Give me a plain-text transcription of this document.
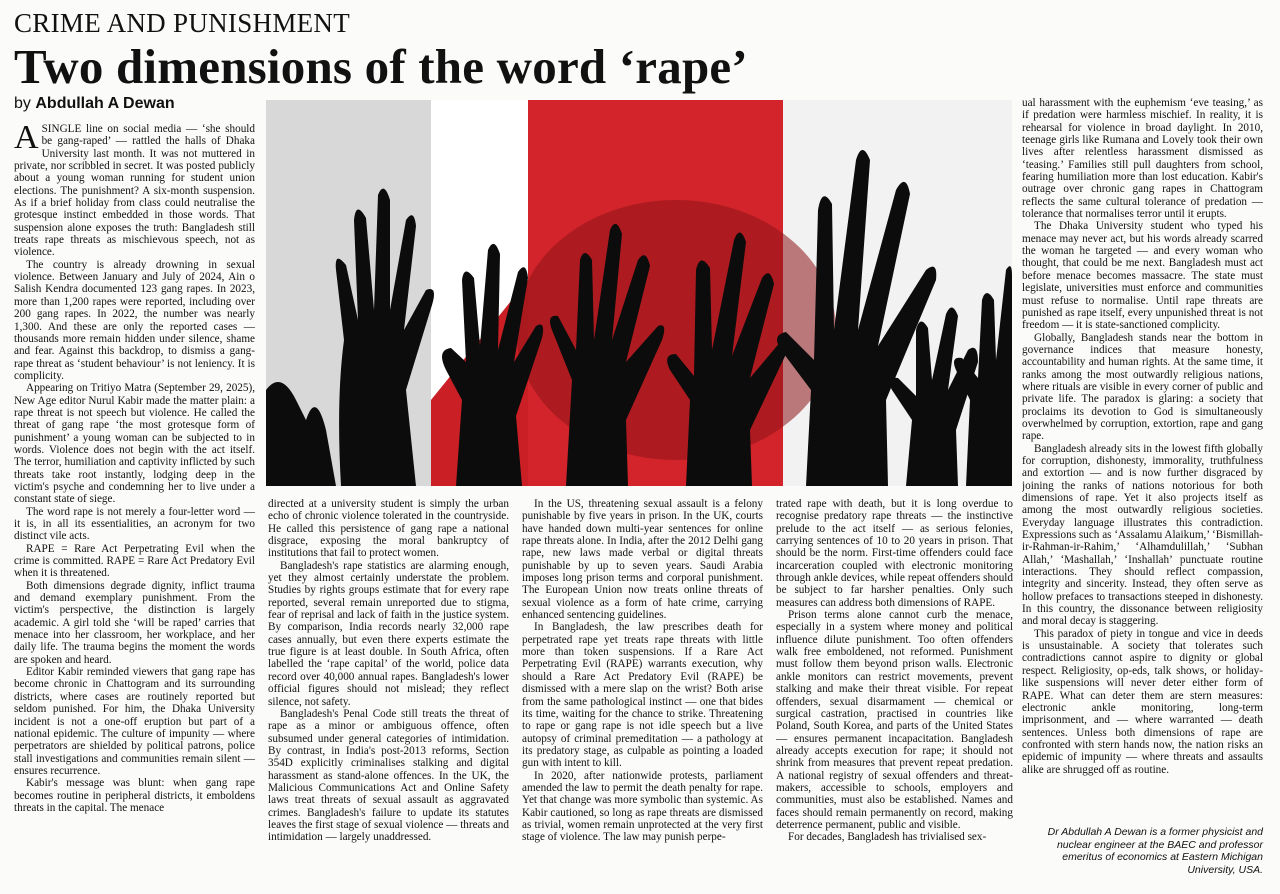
CRIME AND PUNISHMENT
Two dimensions of the word ‘rape’
by Abdullah A Dewan

ASINGLE line on social media — ‘she should be gang-raped’ — rattled the halls of Dhaka University last month. It was not muttered in private, nor scribbled in secret. It was posted publicly about a young woman running for student union elections. The punishment? A six-month suspension. As if a brief holiday from class could neutralise the grotesque instinct embedded in those words. That suspension alone exposes the truth: Bangladesh still treats rape threats as mischievous speech, not as violence.

The country is already drowning in sexual violence. Between January and July of 2024, Ain o Salish Kendra documented 123 gang rapes. In 2023, more than 1,200 rapes were reported, including over 200 gang rapes. In 2022, the number was nearly 1,300. And these are only the reported cases — thousands more remain hidden under silence, shame and fear. Against this backdrop, to dismiss a gang-rape threat as ‘student behaviour’ is not leniency. It is complicity.

Appearing on Tritiyo Matra (September 29, 2025), New Age editor Nurul Kabir made the matter plain: a rape threat is not speech but violence. He called the threat of gang rape ‘the most grotesque form of punishment’ a young woman can be subjected to in words. Violence does not begin with the act itself. The terror, humiliation and captivity inflicted by such threats take root instantly, lodging deep in the victim's psyche and condemning her to live under a constant state of siege.

The word rape is not merely a four-letter word — it is, in all its essentialities, an acronym for two distinct vile acts.

RAPE = Rare Act Perpetrating Evil when the crime is committed. RAPE = Rare Act Predatory Evil when it is threatened.

Both dimensions degrade dignity, inflict trauma and demand exemplary punishment. From the victim's perspective, the distinction is largely academic. A girl told she ‘will be raped’ carries that menace into her classroom, her workplace, and her daily life. The trauma begins the moment the words are spoken and heard.

Editor Kabir reminded viewers that gang rape has become chronic in Chattogram and its surrounding districts, where cases are routinely reported but seldom punished. For him, the Dhaka University incident is not a one-off eruption but part of a national epidemic. The culture of impunity — where perpetrators are shielded by political patrons, police stall investigations and communities remain silent — ensures recurrence.

Kabir's message was blunt: when gang rape becomes routine in peripheral districts, it emboldens threats in the capital. The menace

directed at a university student is simply the urban echo of chronic violence tolerated in the countryside. He called this persistence of gang rape a national disgrace, exposing the moral bankruptcy of institutions that fail to protect women.

Bangladesh's rape statistics are alarming enough, yet they almost certainly understate the problem. Studies by rights groups estimate that for every rape reported, several remain unreported due to stigma, fear of reprisal and lack of faith in the justice system. By comparison, India records nearly 32,000 rape cases annually, but even there experts estimate the true figure is at least double. In South Africa, often labelled the ‘rape capital’ of the world, police data record over 40,000 annual rapes. Bangladesh's lower official figures should not mislead; they reflect silence, not safety.

Bangladesh's Penal Code still treats the threat of rape as a minor or ambiguous offence, often subsumed under general categories of intimidation. By contrast, in India's post-2013 reforms, Section 354D explicitly criminalises stalking and digital harassment as stand-alone offences. In the UK, the Malicious Communications Act and Online Safety laws treat threats of sexual assault as aggravated crimes. Bangladesh's failure to update its statutes leaves the first stage of sexual violence — threats and intimidation — largely unaddressed.

In the US, threatening sexual assault is a felony punishable by five years in prison. In the UK, courts have handed down multi-year sentences for online rape threats alone. In India, after the 2012 Delhi gang rape, new laws made verbal or digital threats punishable by up to seven years. Saudi Arabia imposes long prison terms and corporal punishment. The European Union now treats online threats of sexual violence as a form of hate crime, carrying enhanced sentencing guidelines.

In Bangladesh, the law prescribes death for perpetrated rape yet treats rape threats with little more than token suspensions. If a Rare Act Perpetrating Evil (RAPE) warrants execution, why should a Rare Act Predatory Evil (RAPE) be dismissed with a mere slap on the wrist? Both arise from the same pathological instinct — one that bides its time, waiting for the chance to strike. Threatening to rape or gang rape is not idle speech but a live autopsy of criminal premeditation — a pathology at its predatory stage, as culpable as pointing a loaded gun with intent to kill.

In 2020, after nationwide protests, parliament amended the law to permit the death penalty for rape. Yet that change was more symbolic than systemic. As Kabir cautioned, so long as rape threats are dismissed as trivial, women remain unprotected at the very first stage of violence. The law may punish perpe-

trated rape with death, but it is long overdue to recognise predatory rape threats — the instinctive prelude to the act itself — as serious felonies, carrying sentences of 10 to 20 years in prison. That should be the norm. First-time offenders could face incarceration coupled with electronic monitoring through ankle devices, while repeat offenders should be subject to far harsher penalties. Only such measures can address both dimensions of RAPE.

Prison terms alone cannot curb the menace, especially in a system where money and political influence dilute punishment. Too often offenders walk free emboldened, not reformed. Punishment must follow them beyond prison walls. Electronic ankle monitors can restrict movements, prevent stalking and make their threat visible. For repeat offenders, sexual disarmament — chemical or surgical castration, practised in countries like Poland, South Korea, and parts of the United States — ensures permanent incapacitation. Bangladesh already accepts execution for rape; it should not shrink from measures that prevent repeat predation. A national registry of sexual offenders and threat-makers, accessible to schools, employers and communities, must also be established. Names and faces should remain permanently on record, making deterrence permanent, public and visible.

For decades, Bangladesh has trivialised sex-

ual harassment with the euphemism ‘eve teasing,’ as if predation were harmless mischief. In reality, it is rehearsal for violence in broad daylight. In 2010, teenage girls like Rumana and Lovely took their own lives after relentless harassment dismissed as ‘teasing.’ Families still pull daughters from school, fearing humiliation more than lost education. Kabir's outrage over chronic gang rapes in Chattogram reflects the same cultural tolerance of predation — tolerance that normalises terror until it erupts.

The Dhaka University student who typed his menace may never act, but his words already scarred the woman he targeted — and every woman who thought, that could be me next. Bangladesh must act before menace becomes massacre. The state must legislate, universities must enforce and communities must refuse to normalise. Until rape threats are punished as rape itself, every unpunished threat is not freedom — it is state-sanctioned complicity.

Globally, Bangladesh stands near the bottom in governance indices that measure honesty, accountability and human rights. At the same time, it ranks among the most outwardly religious nations, where rituals are visible in every corner of public and private life. The paradox is glaring: a society that proclaims its devotion to God is simultaneously overwhelmed by corruption, extortion, rape and gang rape.

Bangladesh already sits in the lowest fifth globally for corruption, dishonesty, immorality, truthfulness and extortion — and is now further disgraced by joining the ranks of nations notorious for both dimensions of rape. Yet it also projects itself as among the most outwardly religious societies. Everyday language illustrates this contradiction. Expressions such as ‘Assalamu Alaikum,’ ‘Bismillah-ir-Rahman-ir-Rahim,’ ‘Alhamdulillah,’ ‘Subhan Allah,’ ‘Mashallah,’ ‘Inshallah’ punctuate routine interactions. They should reflect compassion, integrity and sincerity. Instead, they often serve as hollow prefaces to transactions steeped in dishonesty. In this country, the dissonance between religiosity and moral decay is staggering.

This paradox of piety in tongue and vice in deeds is unsustainable. A society that tolerates such contradictions cannot aspire to dignity or global respect. Religiosity, op-eds, talk shows, or holiday-like suspensions will never deter either form of RAPE. What can deter them are stern measures: electronic ankle monitoring, long-term imprisonment, and — where warranted — death sentences. Unless both dimensions of rape are confronted with stern hands now, the nation risks an epidemic of impunity — where threats and assaults alike are shrugged off as routine.

Dr Abdullah A Dewan is a former physicist and nuclear engineer at the BAEC and professor emeritus of economics at Eastern Michigan University, USA.
